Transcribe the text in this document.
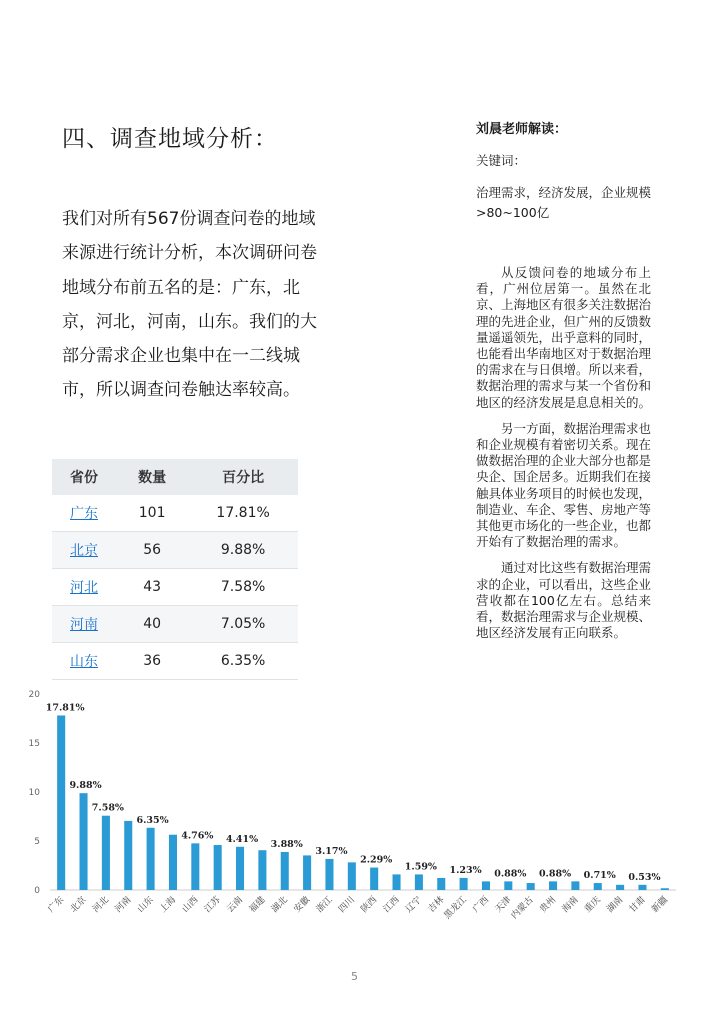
四、调查地域分析：
我们对所有567份调查问卷的地域来源进行统计分析，本次调研问卷地域分布前五名的是：广东，北京，河北，河南，山东。我们的大部分需求企业也集中在一二线城市，所以调查问卷触达率较高。
省份	数量	百分比
广东	101	17.81%
北京	56	9.88%
河北	43	7.58%
河南	40	7.05%
山东	36	6.35%
刘晨老师解读：
关键词：
治理需求，经济发展，企业规模　 >80~100亿

从反馈问卷的地域分布上看，广州位居第一。虽然在北京、上海地区有很多关注数据治理的先进企业，但广州的反馈数量遥遥领先，出乎意料的同时，也能看出华南地区对于数据治理的需求在与日俱增。所以来看，数据治理的需求与某一个省份和地区的经济发展是息息相关的。

另一方面，数据治理需求也和企业规模有着密切关系。现在做数据治理的企业大部分也都是央企、国企居多。近期我们在接触具体业务项目的时候也发现，制造业、车企、零售、房地产等其他更市场化的一些企业，也都开始有了数据治理的需求。

通过对比这些有数据治理需求的企业，可以看出，这些企业营收都在100亿左右。总结来看，数据治理需求与企业规模、地区经济发展有正向联系。

0
5
10
15
20
广东 北京 河北 河南 山东 上海 山西 江苏 云南 福建 湖北 安徽 浙江 四川 陕西 江西 辽宁 吉林
黑龙江 广西 天津
内蒙古 贵州 海南 重庆 湖南 甘肃 新疆
17.81%
9.88%
7.58%
6.35%
4.76% 4.41% 3.88%
3.17%
2.29%
1.59% 1.23% 0.88% 0.88% 0.71% 0.53%
5
